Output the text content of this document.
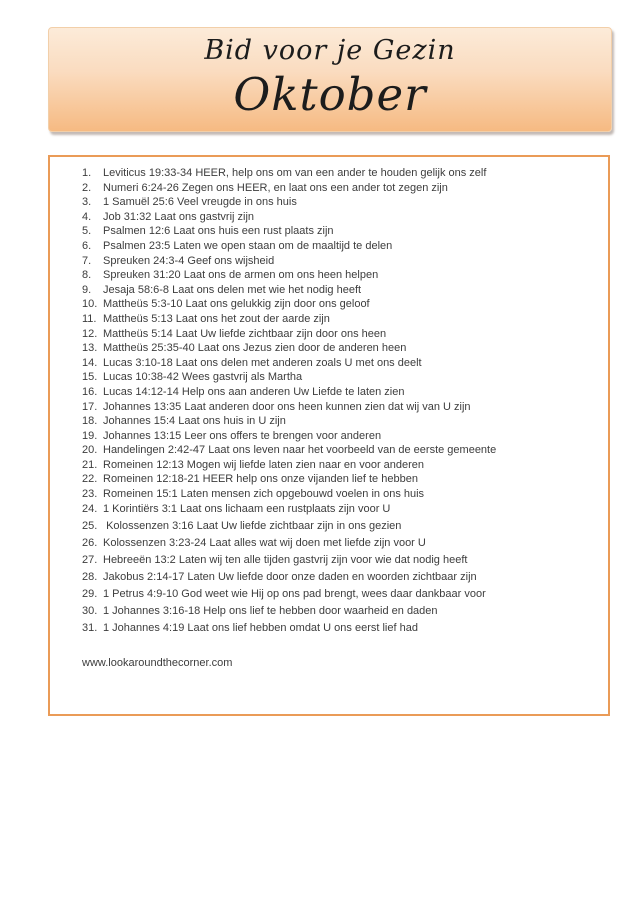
Bid voor je Gezin
Oktober
1.	Leviticus 19:33-34 HEER, help ons om van een ander te houden gelijk ons zelf
2.	Numeri 6:24-26 Zegen ons HEER, en laat ons een ander tot zegen zijn
3.	1 Samuël 25:6 Veel vreugde in ons huis
4.	Job 31:32 Laat ons gastvrij zijn
5.	Psalmen 12:6 Laat ons huis een rust plaats zijn
6.	Psalmen 23:5 Laten we open staan om de maaltijd te delen
7.	Spreuken 24:3-4 Geef ons wijsheid
8.	Spreuken 31:20 Laat ons de armen om ons heen helpen
9.	Jesaja 58:6-8 Laat ons delen met wie het nodig heeft
10. Mattheüs 5:3-10 Laat ons gelukkig zijn door ons geloof
11. Mattheüs 5:13 Laat ons het zout der aarde zijn
12. Mattheüs 5:14 Laat Uw liefde zichtbaar zijn door ons heen
13. Mattheüs 25:35-40 Laat ons Jezus zien door de anderen heen
14. Lucas 3:10-18 Laat ons delen met anderen zoals U met ons deelt
15. Lucas 10:38-42 Wees gastvrij als Martha
16. Lucas 14:12-14 Help ons aan anderen Uw Liefde te laten zien
17. Johannes 13:35 Laat anderen door ons heen kunnen zien dat wij van U zijn
18. Johannes 15:4 Laat ons huis in U zijn
19. Johannes 13:15 Leer ons offers te brengen voor anderen
20. Handelingen 2:42-47 Laat ons leven naar het voorbeeld van de eerste gemeente
21. Romeinen 12:13 Mogen wij liefde laten zien naar en voor anderen
22. Romeinen 12:18-21 HEER help ons onze vijanden lief te hebben
23. Romeinen 15:1 Laten mensen zich opgebouwd voelen in ons huis
24. 1 Korintiërs 3:1 Laat ons lichaam een rustplaats zijn voor U
25. Kolossenzen 3:16 Laat Uw liefde zichtbaar zijn in ons gezien
26. Kolossenzen 3:23-24 Laat alles wat wij doen met liefde zijn voor U
27. Hebreeën 13:2 Laten wij ten alle tijden gastvrij zijn voor wie dat nodig heeft
28. Jakobus 2:14-17 Laten Uw liefde door onze daden en woorden zichtbaar zijn
29. 1 Petrus 4:9-10 God weet wie Hij op ons pad brengt, wees daar dankbaar voor
30. 1 Johannes 3:16-18 Help ons lief te hebben door waarheid en daden
31. 1 Johannes 4:19 Laat ons lief hebben omdat U ons eerst lief had
www.lookaroundthecorner.com
